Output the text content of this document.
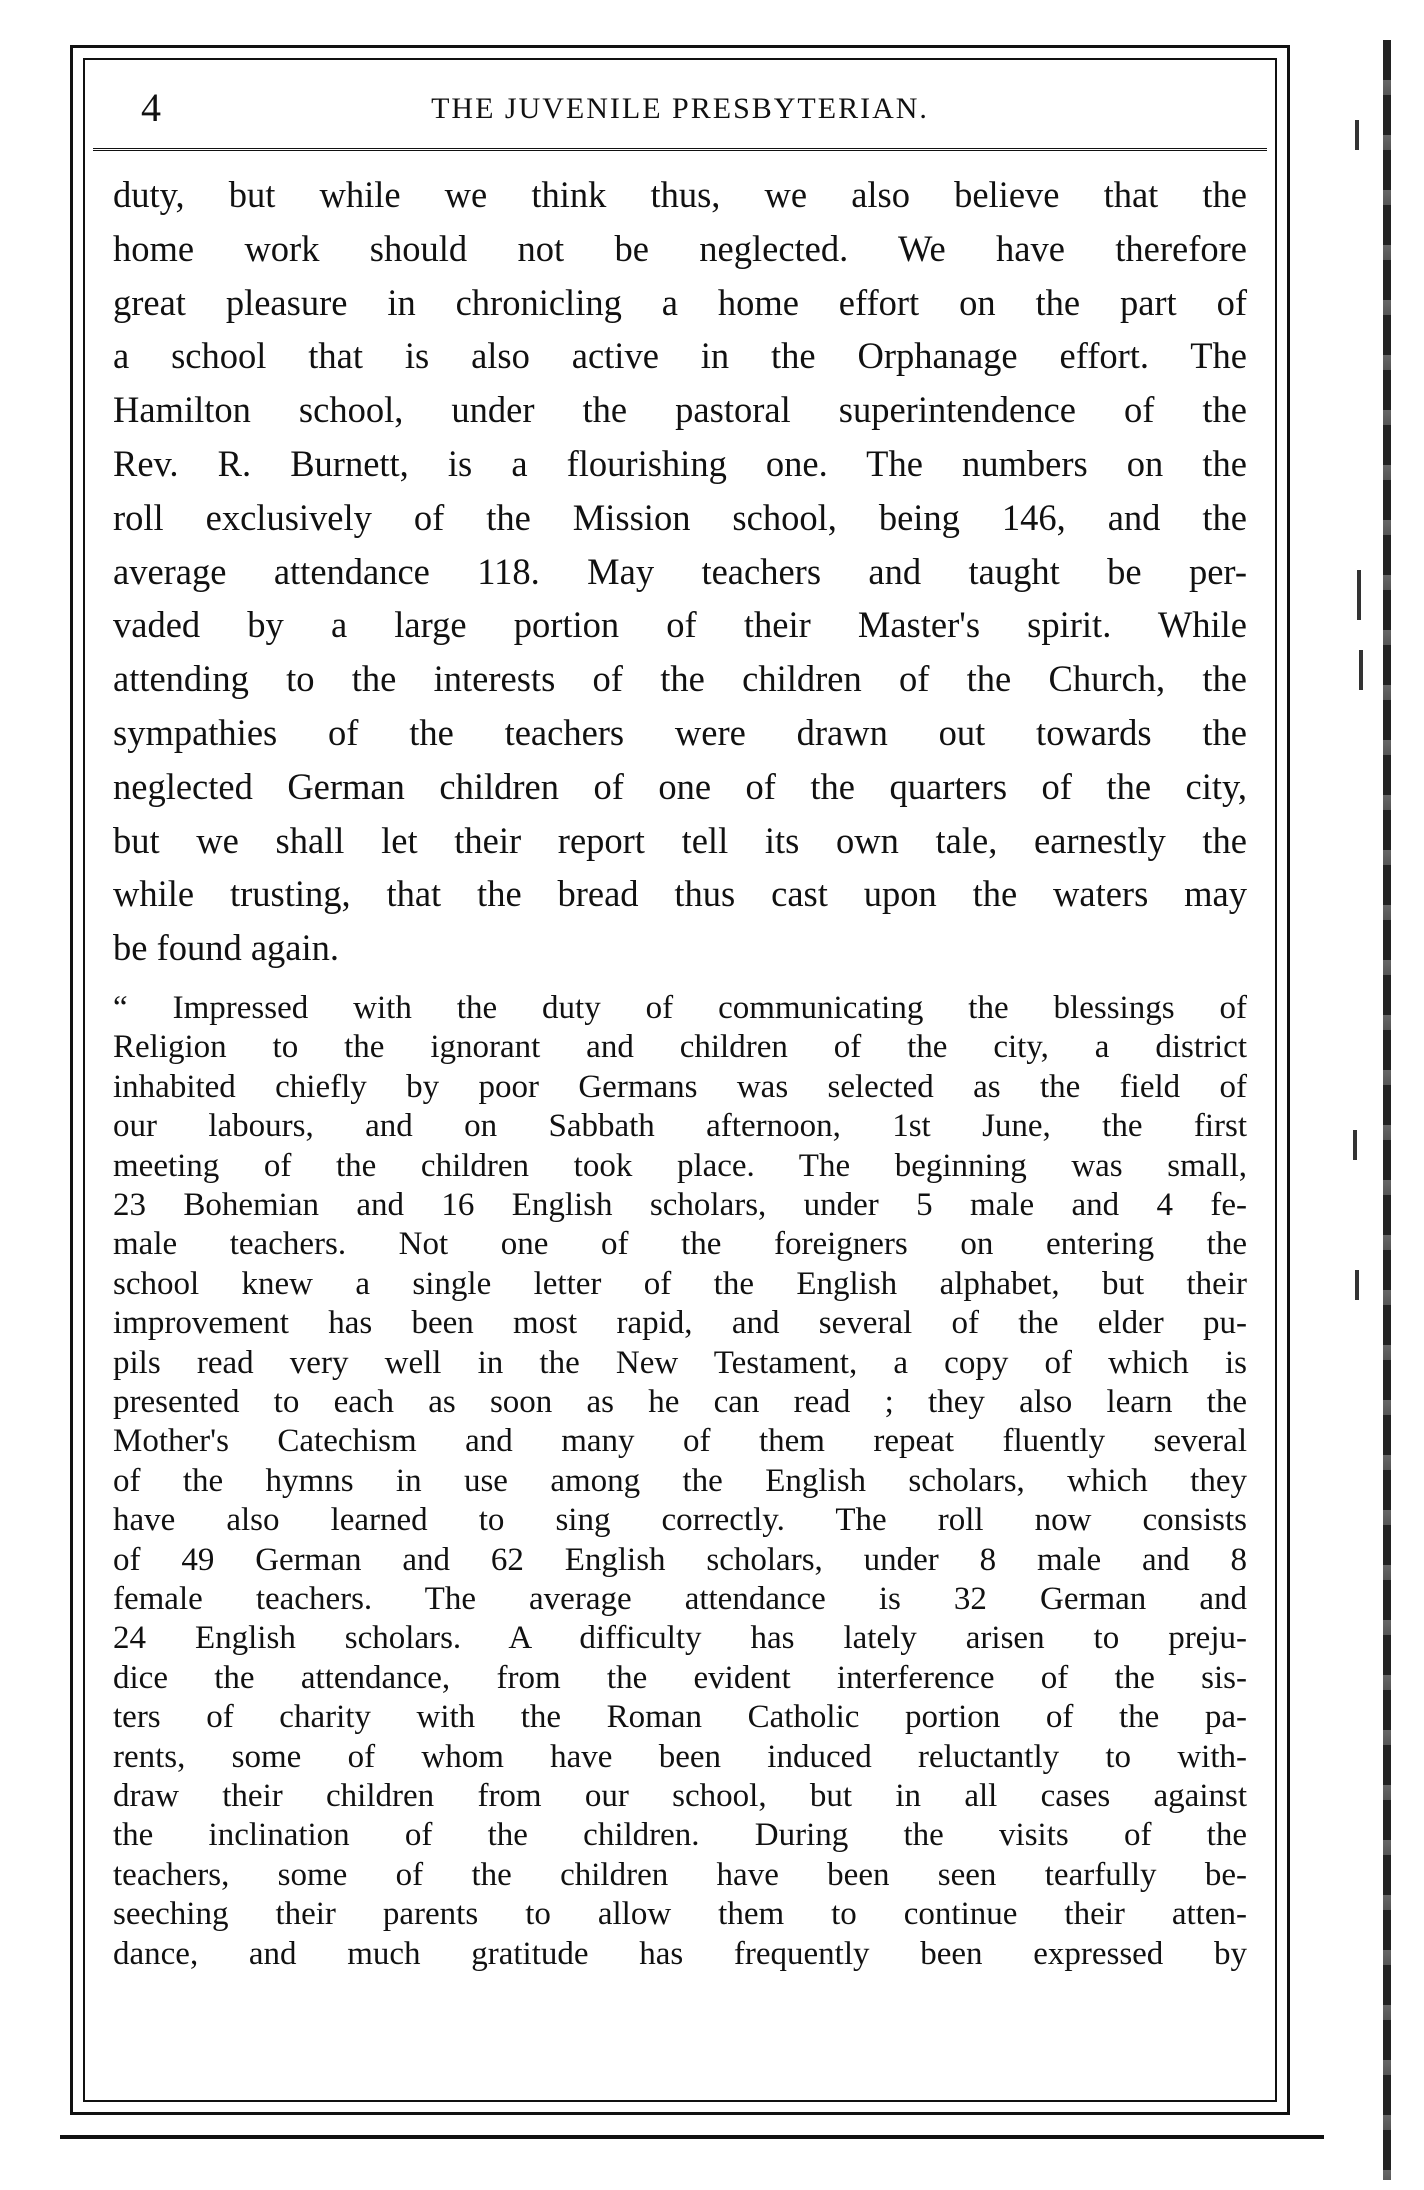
4	THE JUVENILE PRESBYTERIAN.

duty, but while we think thus, we also believe that the
home work should not be neglected. We have therefore
great pleasure in chronicling a home effort on the part of
a school that is also active in the Orphanage effort. The
Hamilton school, under the pastoral superintendence of the
Rev. R. Burnett, is a flourishing one. The numbers on the
roll exclusively of the Mission school, being 146, and the
average attendance 118. May teachers and taught be per-
vaded by a large portion of their Master's spirit. While
attending to the interests of the children of the Church, the
sympathies of the teachers were drawn out towards the
neglected German children of one of the quarters of the city,
but we shall let their report tell its own tale, earnestly the
while trusting, that the bread thus cast upon the waters may
be found again.

“ Impressed with the duty of communicating the blessings of
Religion to the ignorant and children of the city, a district
inhabited chiefly by poor Germans was selected as the field of
our labours, and on Sabbath afternoon, 1st June, the first
meeting of the children took place. The beginning was small,
23 Bohemian and 16 English scholars, under 5 male and 4 fe-
male teachers. Not one of the foreigners on entering the
school knew a single letter of the English alphabet, but their
improvement has been most rapid, and several of the elder pu-
pils read very well in the New Testament, a copy of which is
presented to each as soon as he can read ; they also learn the
Mother's Catechism and many of them repeat fluently several
of the hymns in use among the English scholars, which they
have also learned to sing correctly. The roll now consists
of 49 German and 62 English scholars, under 8 male and 8
female teachers. The average attendance is 32 German and
24 English scholars. A difficulty has lately arisen to preju-
dice the attendance, from the evident interference of the sis-
ters of charity with the Roman Catholic portion of the pa-
rents, some of whom have been induced reluctantly to with-
draw their children from our school, but in all cases against
the inclination of the children. During the visits of the
teachers, some of the children have been seen tearfully be-
seeching their parents to allow them to continue their atten-
dance, and much gratitude has frequently been expressed by
